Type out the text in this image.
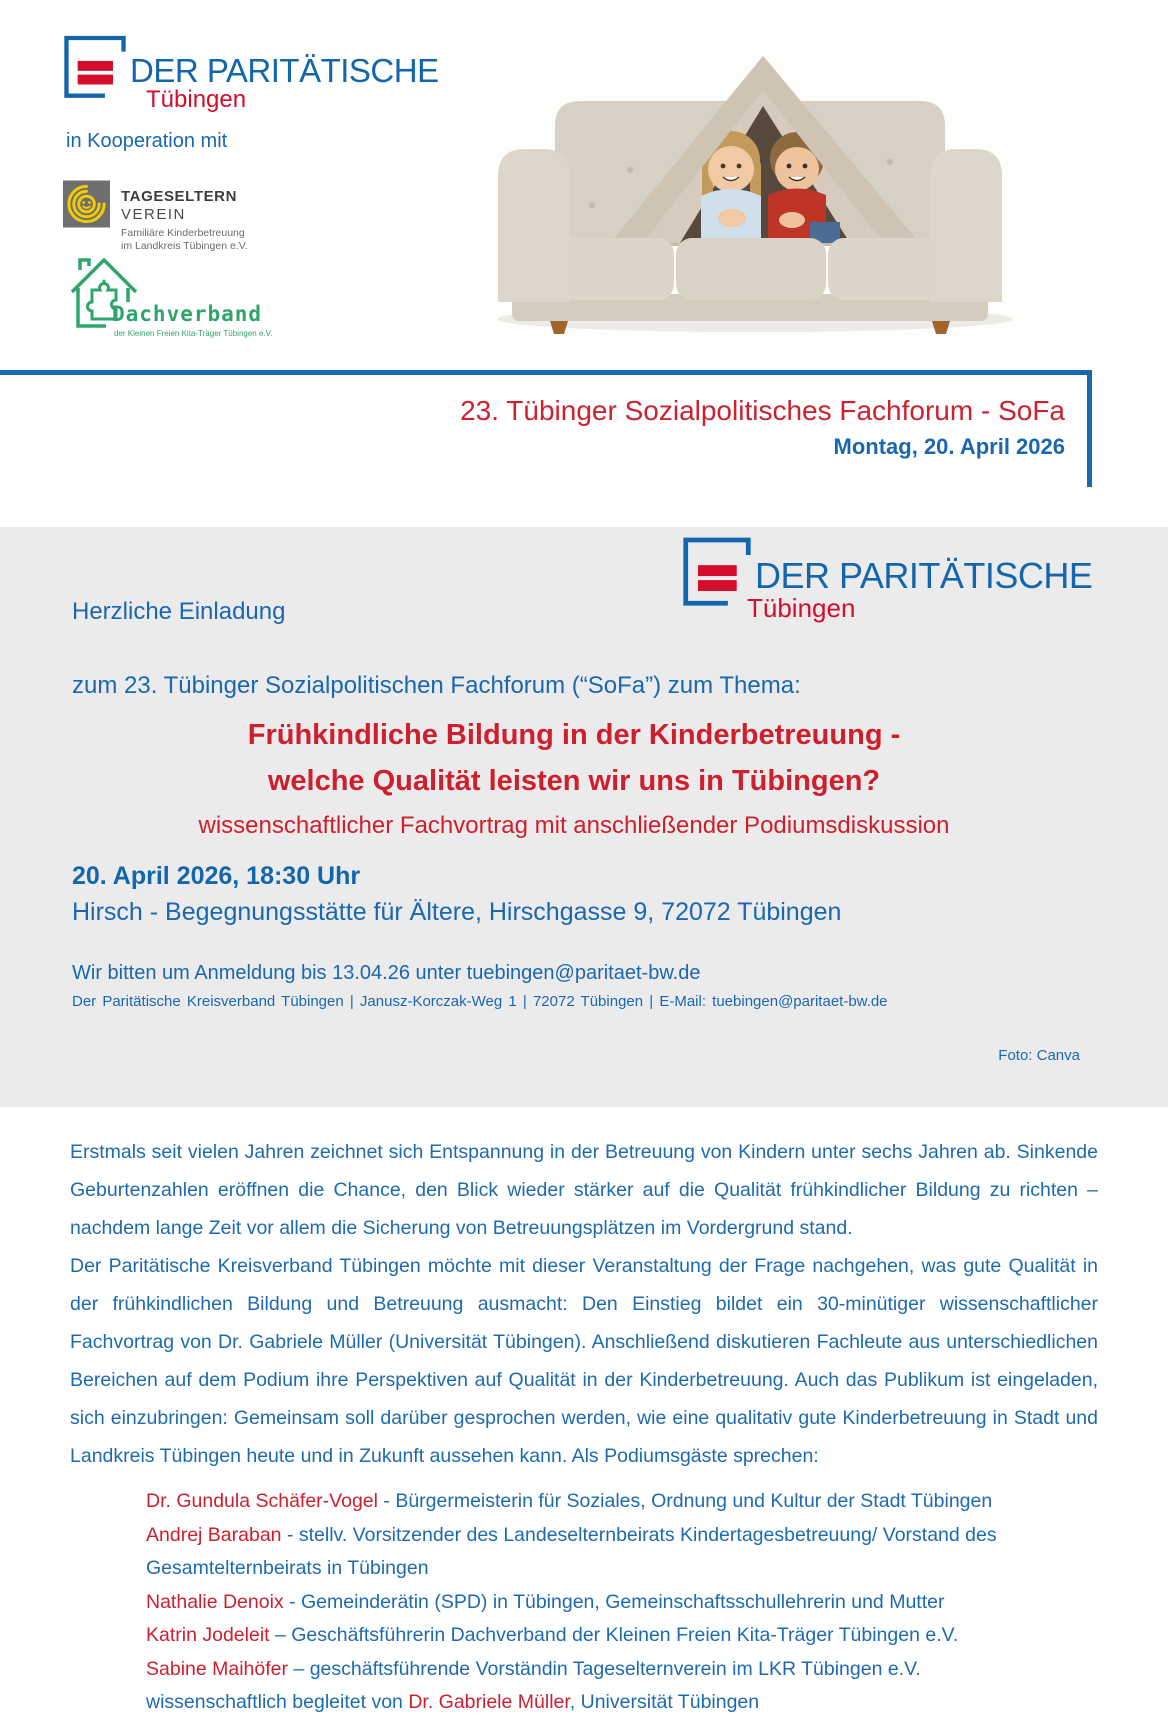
DER PARITÄTISCHE
Tübingen
in Kooperation mit
TAGESELTERN
VEREIN
Familiäre Kinderbetreuung
im Landkreis Tübingen e.V.
Dachverband
der Kleinen Freien Kita-Träger Tübingen e.V.
23. Tübinger Sozialpolitisches Fachforum - SoFa
Montag, 20. April 2026
DER PARITÄTISCHE
Tübingen
Herzliche Einladung
zum 23. Tübinger Sozialpolitischen Fachforum (“SoFa”) zum Thema:
Frühkindliche Bildung in der Kinderbetreuung -
welche Qualität leisten wir uns in Tübingen?
wissenschaftlicher Fachvortrag mit anschließender Podiumsdiskussion
20. April 2026, 18:30 Uhr
Hirsch - Begegnungsstätte für Ältere, Hirschgasse 9, 72072 Tübingen
Wir bitten um Anmeldung bis 13.04.26 unter tuebingen@paritaet-bw.de
Der Paritätische Kreisverband Tübingen | Janusz-Korczak-Weg 1 | 72072 Tübingen | E-Mail: tuebingen@paritaet-bw.de
Foto: Canva

Erstmals seit vielen Jahren zeichnet sich Entspannung in der Betreuung von Kindern unter sechs Jahren ab. Sinkende Geburtenzahlen eröffnen die Chance, den Blick wieder stärker auf die Qualität frühkindlicher Bildung zu richten – nachdem lange Zeit vor allem die Sicherung von Betreuungsplätzen im Vordergrund stand.

Der Paritätische Kreisverband Tübingen möchte mit dieser Veranstaltung der Frage nachgehen, was gute Qualität in der frühkindlichen Bildung und Betreuung ausmacht: Den Einstieg bildet ein 30-minütiger wissenschaftlicher Fachvortrag von Dr. Gabriele Müller (Universität Tübingen). Anschließend diskutieren Fachleute aus unterschiedlichen Bereichen auf dem Podium ihre Perspektiven auf Qualität in der Kinderbetreuung. Auch das Publikum ist eingeladen, sich einzubringen: Gemeinsam soll darüber gesprochen werden, wie eine qualitativ gute Kinderbetreuung in Stadt und Landkreis Tübingen heute und in Zukunft aussehen kann. Als Podiumsgäste sprechen:

Dr. Gundula Schäfer-Vogel - Bürgermeisterin für Soziales, Ordnung und Kultur der Stadt Tübingen
Andrej Baraban - stellv. Vorsitzender des Landeselternbeirats Kindertagesbetreuung/ Vorstand des Gesamtelternbeirats in Tübingen
Nathalie Denoix - Gemeinderätin (SPD) in Tübingen, Gemeinschaftsschullehrerin und Mutter
Katrin Jodeleit – Geschäftsführerin Dachverband der Kleinen Freien Kita-Träger Tübingen e.V.
Sabine Maihöfer – geschäftsführende Vorständin Tageselternverein im LKR Tübingen e.V.
wissenschaftlich begleitet von Dr. Gabriele Müller, Universität Tübingen
